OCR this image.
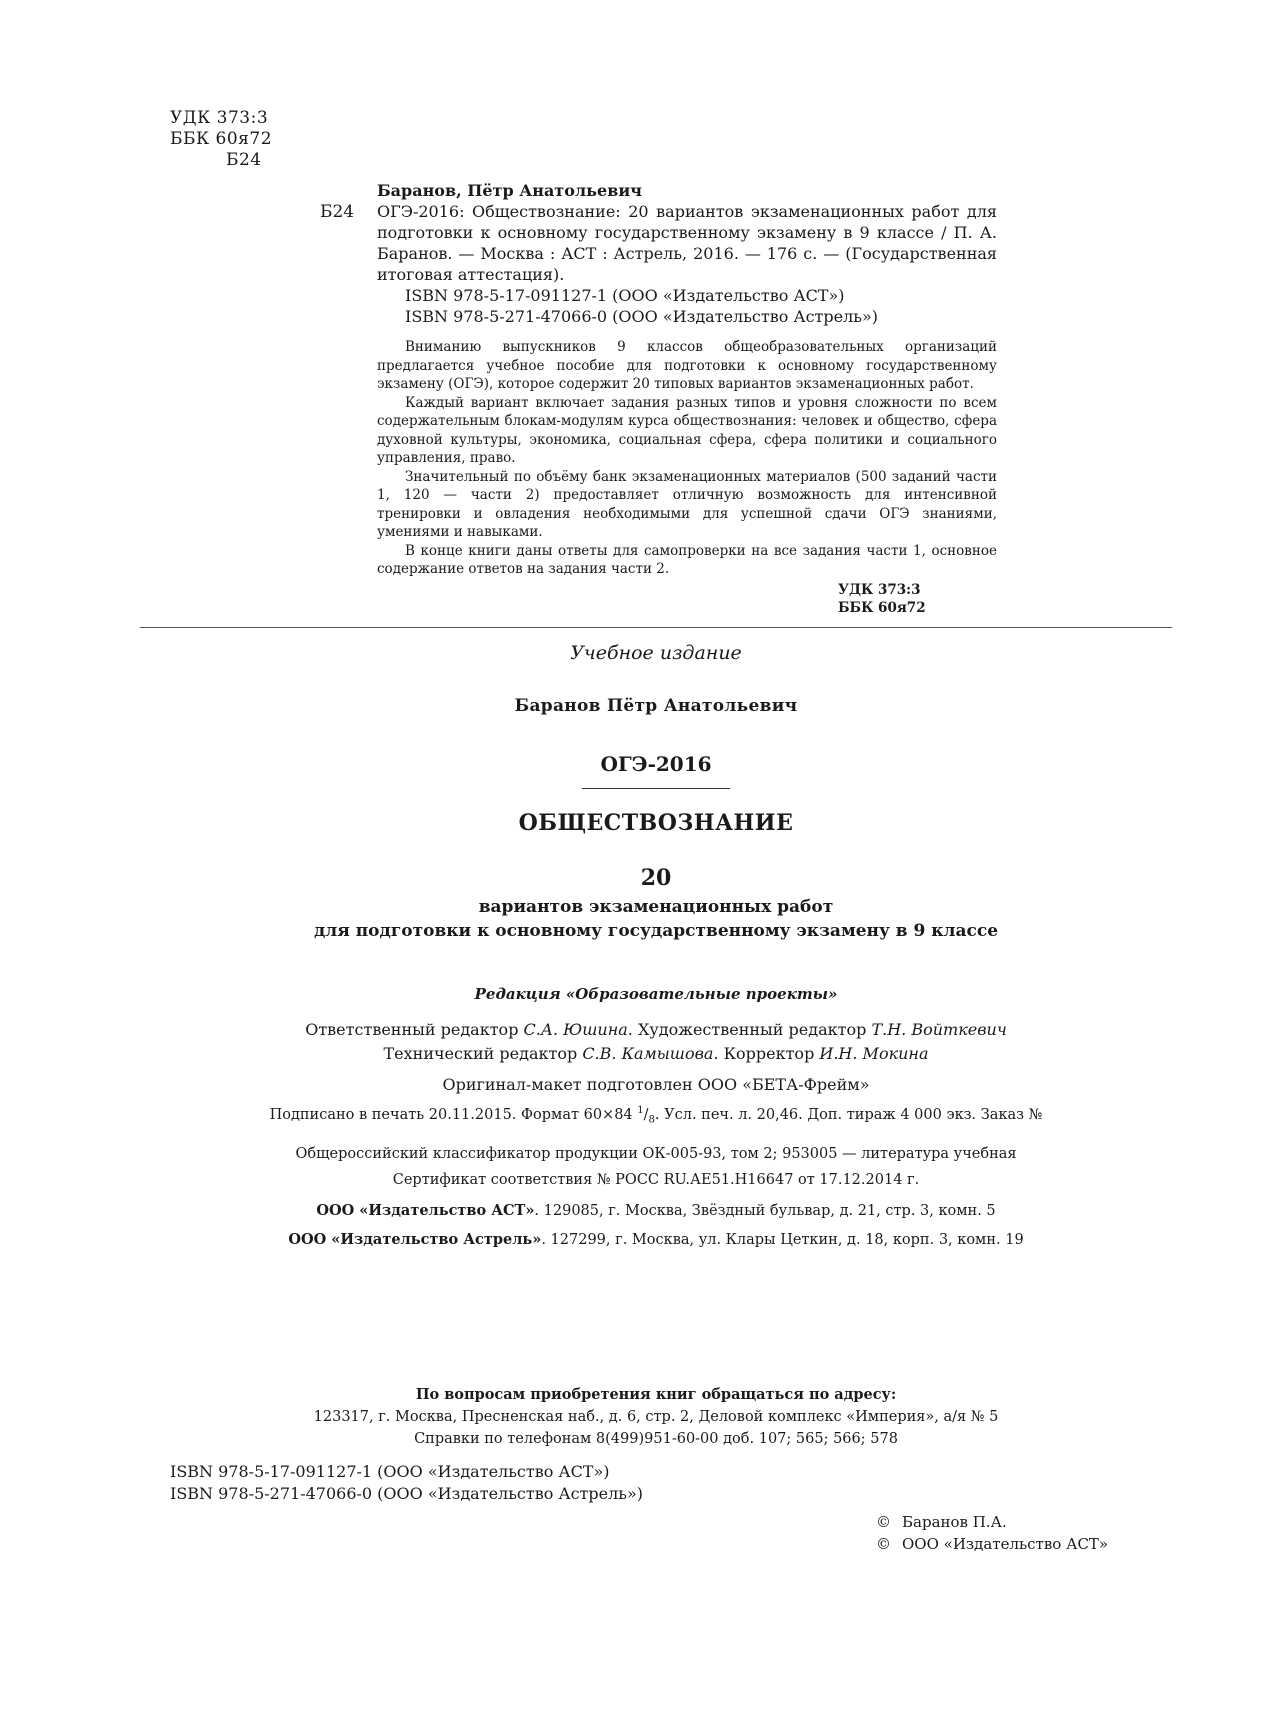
УДК 373:3
ББК 60я72
Б24
Б24
Баранов, Пётр Анатольевич
ОГЭ-2016: Обществознание: 20 вариантов экзаменационных работ для подготовки к основному государственному экзамену в 9 классе / П. А. Баранов. — Москва : АСТ : Астрель, 2016. — 176 с. — (Государственная итоговая аттестация).
ISBN 978-5-17-091127-1 (ООО «Издательство АСТ»)
ISBN 978-5-271-47066-0 (ООО «Издательство Астрель»)

Вниманию выпускников 9 классов общеобразовательных организаций предлагается учебное пособие для подготовки к основному государственному экзамену (ОГЭ), которое содержит 20 типовых вариантов экзаменационных работ.

Каждый вариант включает задания разных типов и уровня сложности по всем содержательным блокам-модулям курса обществознания: человек и общество, сфера духовной культуры, экономика, социальная сфера, сфера политики и социального управления, право.

Значительный по объёму банк экзаменационных материалов (500 заданий части 1, 120 — части 2) предоставляет отличную возможность для интенсивной тренировки и овладения необходимыми для успешной сдачи ОГЭ знаниями, умениями и навыками.

В конце книги даны ответы для самопроверки на все задания части 1, основное содержание ответов на задания части 2.

УДК 373:3
ББК 60я72
Учебное издание
Баранов Пётр Анатольевич
ОГЭ-2016
ОБЩЕСТВОЗНАНИЕ
20
вариантов экзаменационных работ
для подготовки к основному государственному экзамену в 9 классе
Редакция «Образовательные проекты»
Ответственный редактор С.А. Юшина. Художественный редактор Т.Н. Войткевич
Технический редактор С.В. Камышова. Корректор И.Н. Мокина
Оригинал-макет подготовлен ООО «БЕТА-Фрейм»
Подписано в печать 20.11.2015. Формат 60×84 $^1/_8$. Усл. печ. л. 20,46. Доп. тираж 4 000 экз. Заказ №
Общероссийский классификатор продукции ОК-005-93, том 2; 953005 — литература учебная
Сертификат соответствия № РОСС RU.АЕ51.Н16647 от 17.12.2014 г.
ООО «Издательство АСТ». 129085, г. Москва, Звёздный бульвар, д. 21, стр. 3, комн. 5
ООО «Издательство Астрель». 127299, г. Москва, ул. Клары Цеткин, д. 18, корп. 3, комн. 19
По вопросам приобретения книг обращаться по адресу:
123317, г. Москва, Пресненская наб., д. 6, стр. 2, Деловой комплекс «Империя», а/я № 5
Справки по телефонам 8(499)951-60-00 доб. 107; 565; 566; 578
ISBN 978-5-17-091127-1 (ООО «Издательство АСТ»)
ISBN 978-5-271-47066-0 (ООО «Издательство Астрель»)
© Баранов П.А.
© ООО «Издательство АСТ»
